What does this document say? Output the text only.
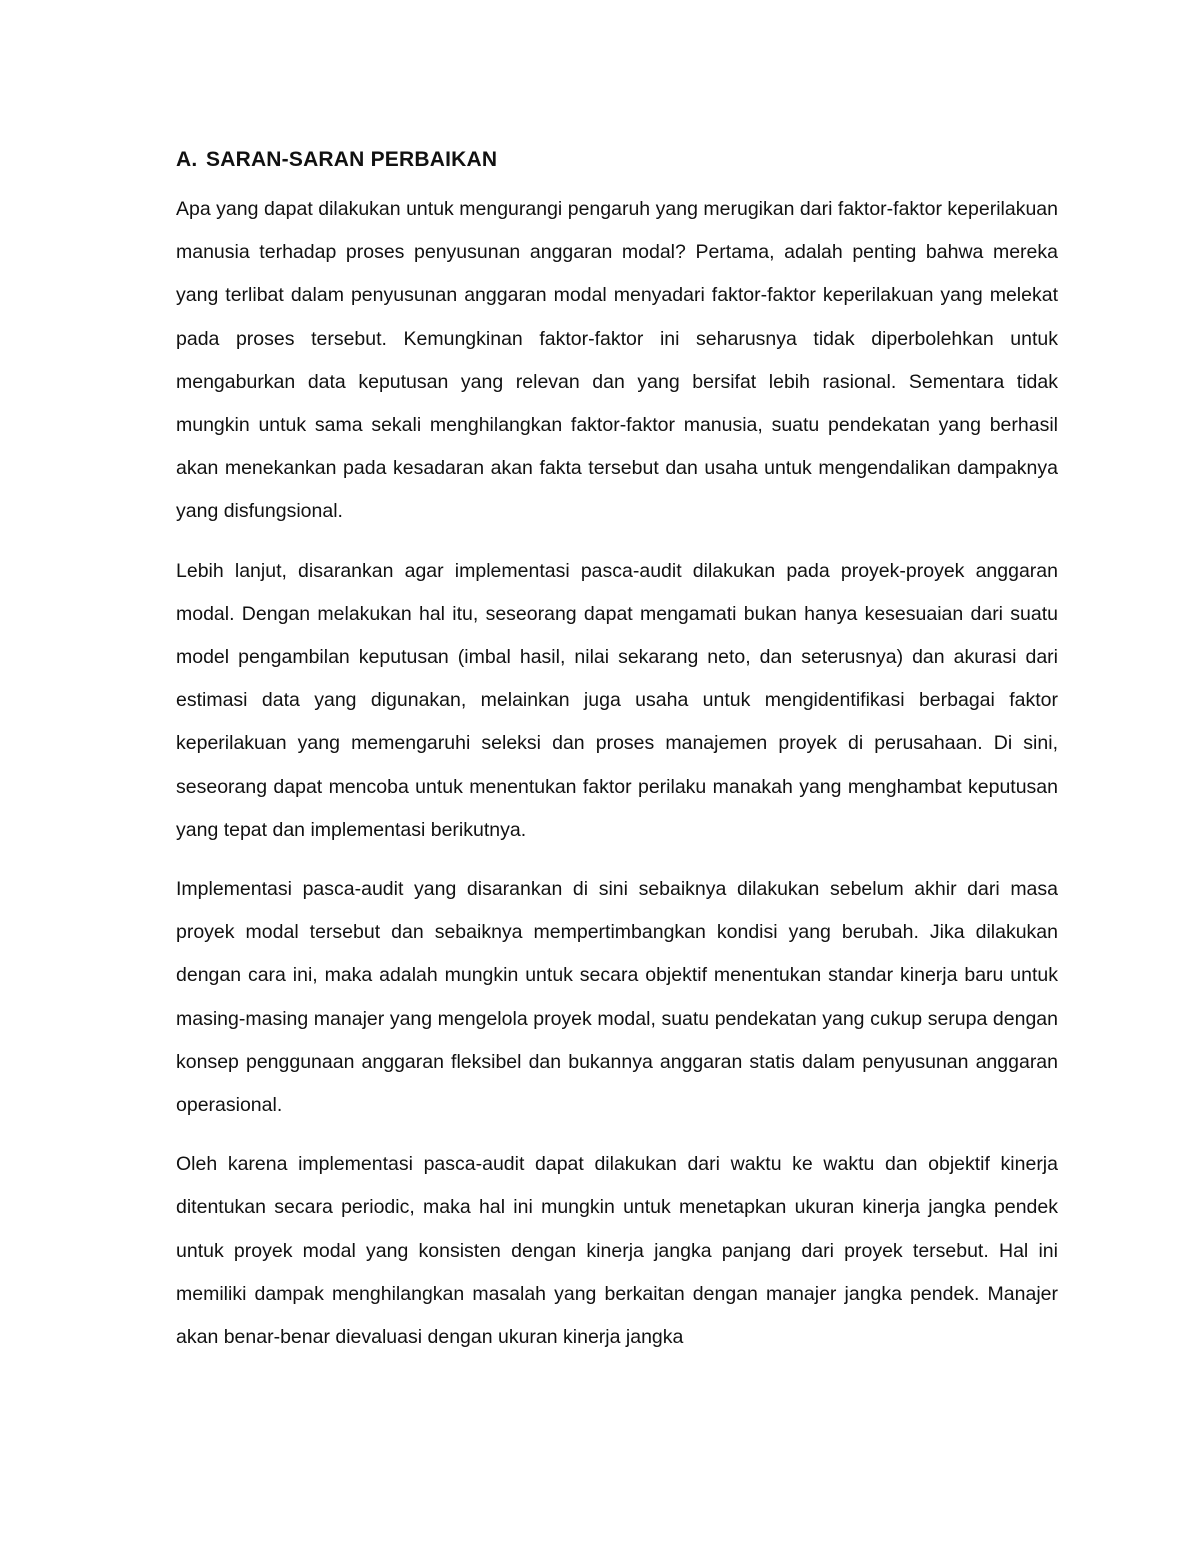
A. SARAN-SARAN PERBAIKAN

Apa yang dapat dilakukan untuk mengurangi pengaruh yang merugikan dari faktor-faktor keperilakuan manusia terhadap proses penyusunan anggaran modal? Pertama, adalah penting bahwa mereka yang terlibat dalam penyusunan anggaran modal menyadari faktor-faktor keperilakuan yang melekat pada proses tersebut. Kemungkinan faktor-faktor ini seharusnya tidak diperbolehkan untuk mengaburkan data keputusan yang relevan dan yang bersifat lebih rasional. Sementara tidak mungkin untuk sama sekali menghilangkan faktor-faktor manusia, suatu pendekatan yang berhasil akan menekankan pada kesadaran akan fakta tersebut dan usaha untuk mengendalikan dampaknya yang disfungsional.

Lebih lanjut, disarankan agar implementasi pasca-audit dilakukan pada proyek-proyek anggaran modal. Dengan melakukan hal itu, seseorang dapat mengamati bukan hanya kesesuaian dari suatu model pengambilan keputusan (imbal hasil, nilai sekarang neto, dan seterusnya) dan akurasi dari estimasi data yang digunakan, melainkan juga usaha untuk mengidentifikasi berbagai faktor keperilakuan yang memengaruhi seleksi dan proses manajemen proyek di perusahaan. Di sini, seseorang dapat mencoba untuk menentukan faktor perilaku manakah yang menghambat keputusan yang tepat dan implementasi berikutnya.

Implementasi pasca-audit yang disarankan di sini sebaiknya dilakukan sebelum akhir dari masa proyek modal tersebut dan sebaiknya mempertimbangkan kondisi yang berubah. Jika dilakukan dengan cara ini, maka adalah mungkin untuk secara objektif menentukan standar kinerja baru untuk masing-masing manajer yang mengelola proyek modal, suatu pendekatan yang cukup serupa dengan konsep penggunaan anggaran fleksibel dan bukannya anggaran statis dalam penyusunan anggaran operasional.

Oleh karena implementasi pasca-audit dapat dilakukan dari waktu ke waktu dan objektif kinerja ditentukan secara periodic, maka hal ini mungkin untuk menetapkan ukuran kinerja jangka pendek untuk proyek modal yang konsisten dengan kinerja jangka panjang dari proyek tersebut. Hal ini memiliki dampak menghilangkan masalah yang berkaitan dengan manajer jangka pendek. Manajer akan benar-benar dievaluasi dengan ukuran kinerja jangka
